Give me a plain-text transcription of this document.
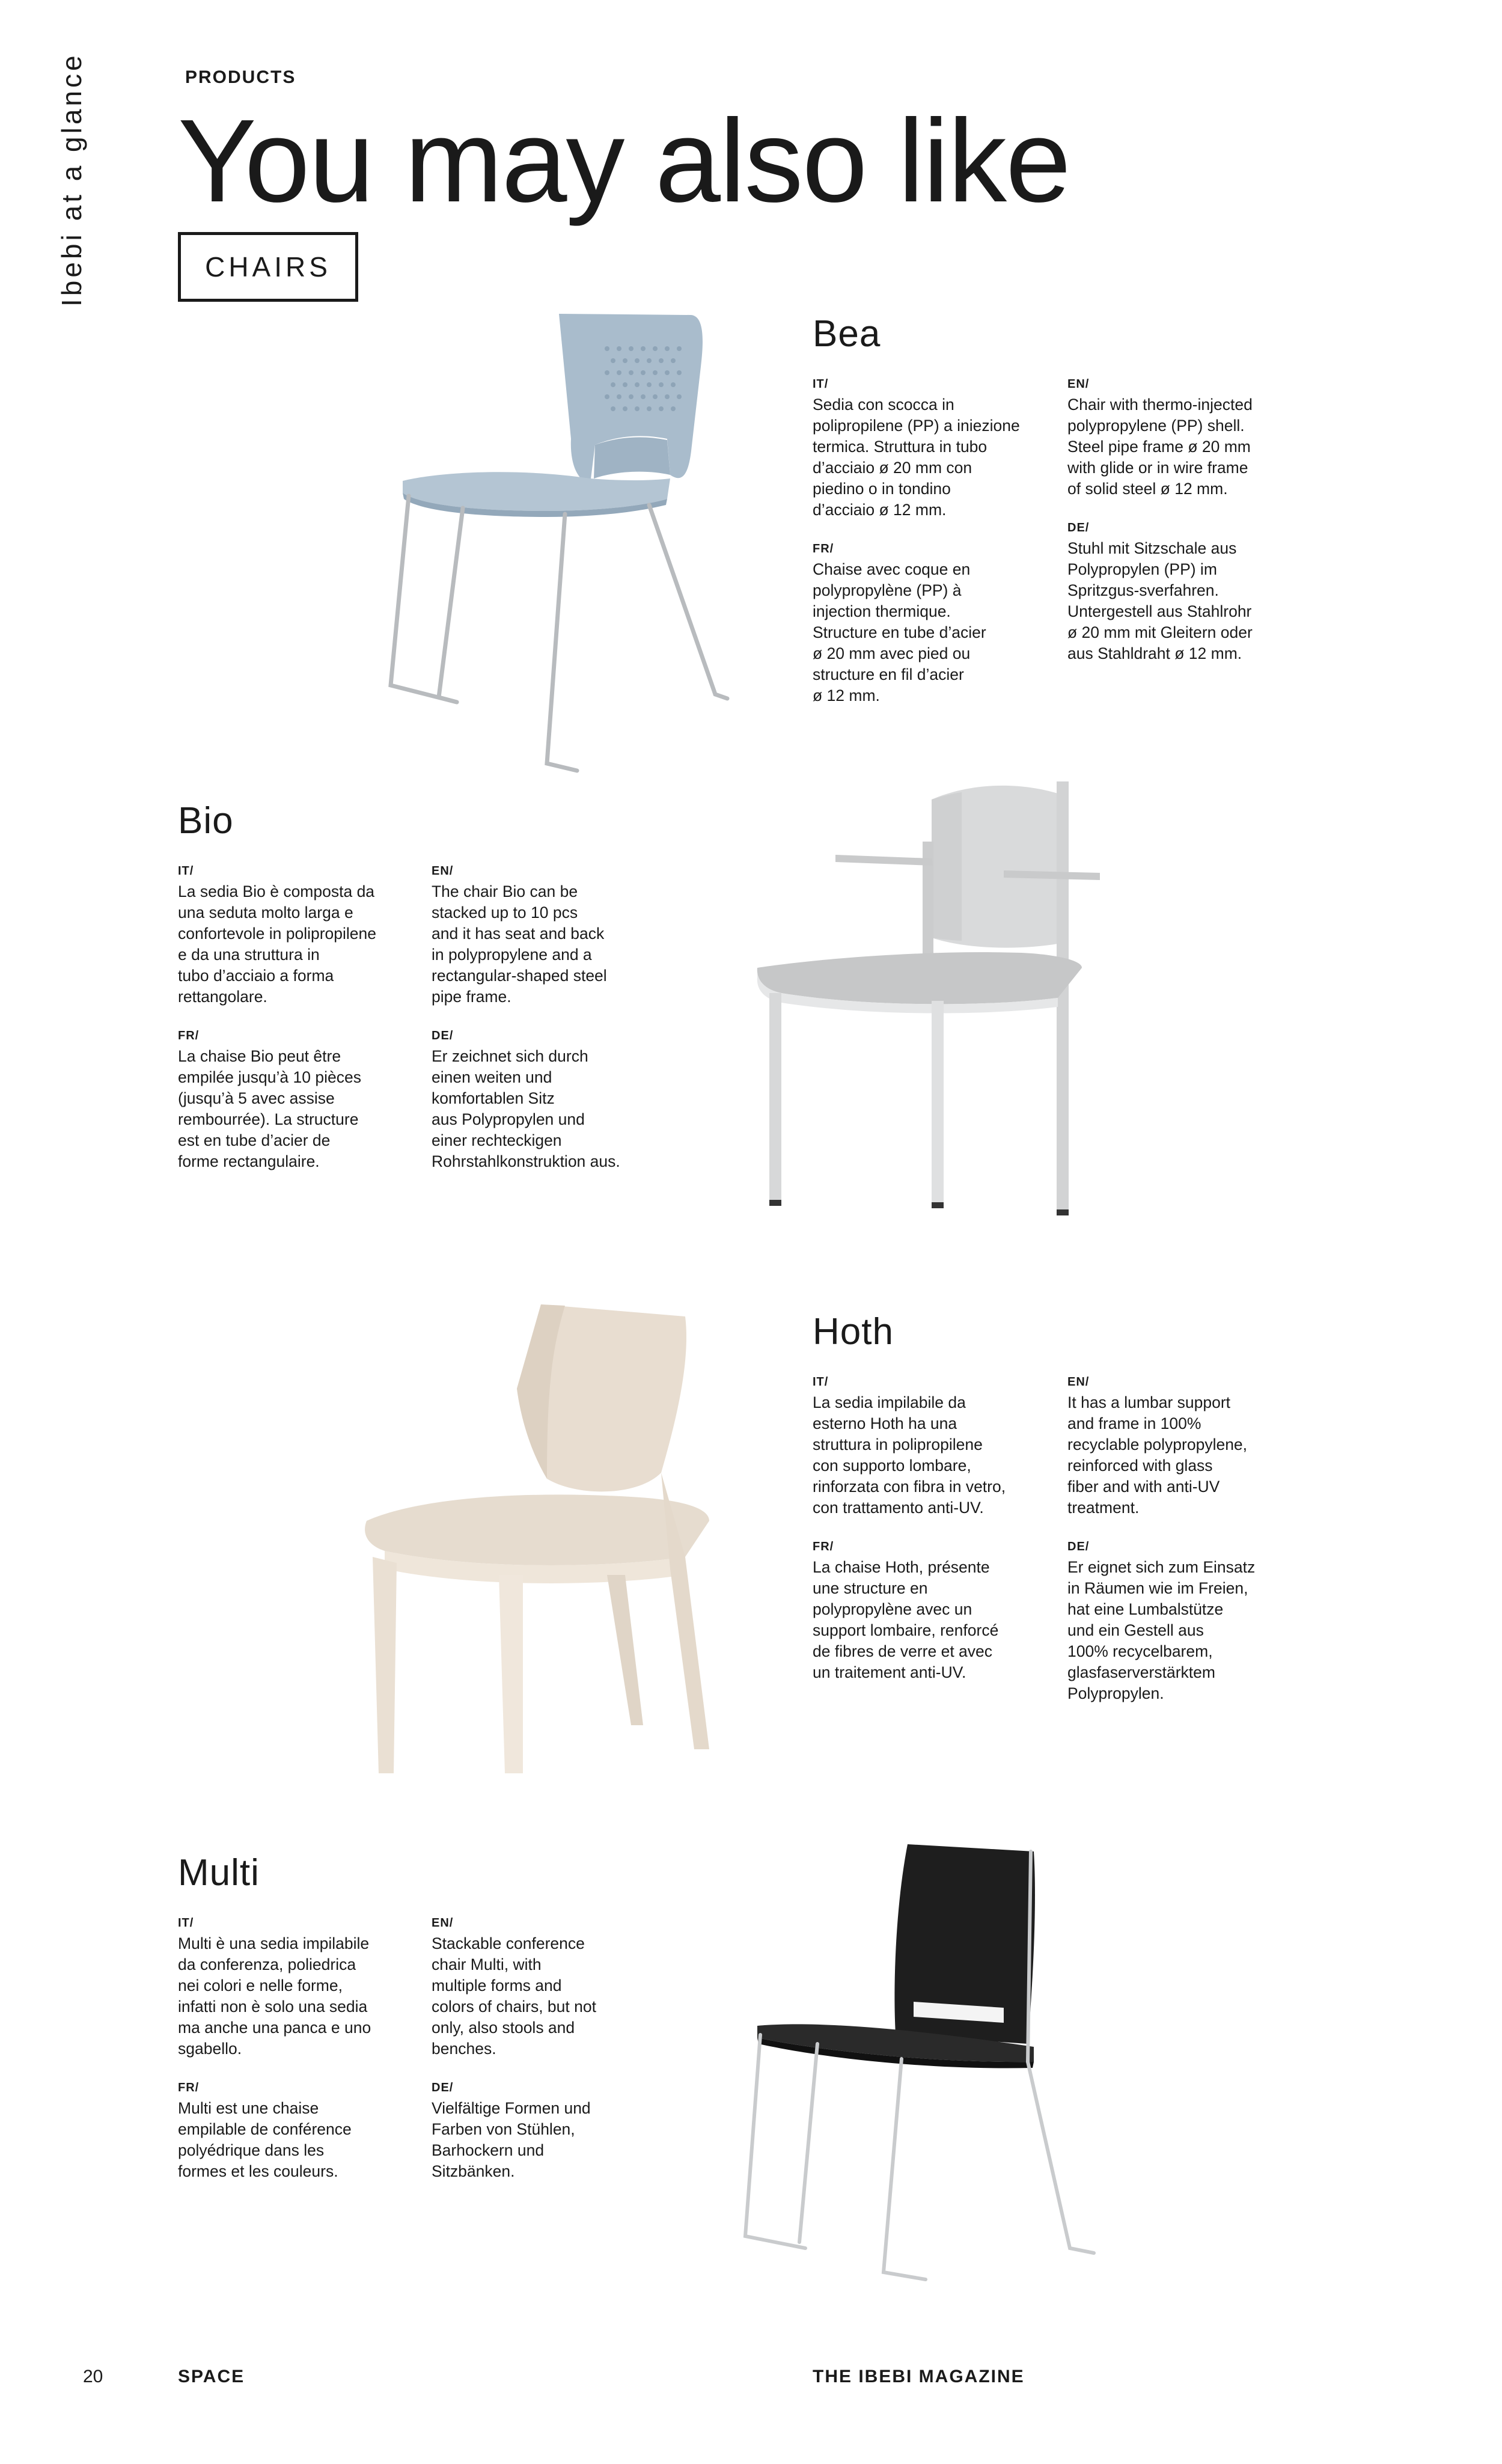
Ibebi at a glance	PRODUCTS
You may also like
CHAIRS
Bea
IT/
Sedia con scocca in
polipropilene (PP) a iniezione
termica. Struttura in tubo
d’acciaio ø 20 mm con
piedino o in tondino
d’acciaio ø 12 mm.
FR/
Chaise avec coque en
polypropylène (PP) à
injection thermique.
Structure en tube d’acier
ø 20 mm avec pied ou
structure en fil d’acier
ø 12 mm.
EN/
Chair with thermo-injected
polypropylene (PP) shell.
Steel pipe frame ø 20 mm
with glide or in wire frame
of solid steel ø 12 mm.
DE/
Stuhl mit Sitzschale aus
Polypropylen (PP) im
Spritzgus-sverfahren.
Untergestell aus Stahlrohr
ø 20 mm mit Gleitern oder
aus Stahldraht ø 12 mm.
Bio
IT/
La sedia Bio è composta da
una seduta molto larga e
confortevole in polipropilene
e da una struttura in
tubo d’acciaio a forma
rettangolare.
FR/
La chaise Bio peut être
empilée jusqu’à 10 pièces
(jusqu’à 5 avec assise
rembourrée). La structure
est en tube d’acier de
forme rectangulaire.
EN/
The chair Bio can be
stacked up to 10 pcs
and it has seat and back
in polypropylene and a
rectangular-shaped steel
pipe frame.
DE/
Er zeichnet sich durch
einen weiten und
komfortablen Sitz
aus Polypropylen und
einer rechteckigen
Rohrstahlkonstruktion aus.
Hoth
IT/
La sedia impilabile da
esterno Hoth ha una
struttura in polipropilene
con supporto lombare,
rinforzata con fibra in vetro,
con trattamento anti-UV.
FR/
La chaise Hoth, présente
une structure en
polypropylène avec un
support lombaire, renforcé
de fibres de verre et avec
un traitement anti-UV.
EN/
It has a lumbar support
and frame in 100%
recyclable polypropylene,
reinforced with glass
fiber and with anti-UV
treatment.
DE/
Er eignet sich zum Einsatz
in Räumen wie im Freien,
hat eine Lumbalstütze
und ein Gestell aus
100% recycelbarem,
glasfaserverstärktem
Polypropylen.
Multi
IT/
Multi è una sedia impilabile
da conferenza, poliedrica
nei colori e nelle forme,
infatti non è solo una sedia
ma anche una panca e uno
sgabello.
FR/
Multi est une chaise
empilable de conférence
polyédrique dans les
formes et les couleurs.
EN/
Stackable conference
chair Multi, with
multiple forms and
colors of chairs, but not
only, also stools and
benches.
DE/
Vielfältige Formen und
Farben von Stühlen,
Barhockern und
Sitzbänken.
20	SPACE	THE IBEBI MAGAZINE
